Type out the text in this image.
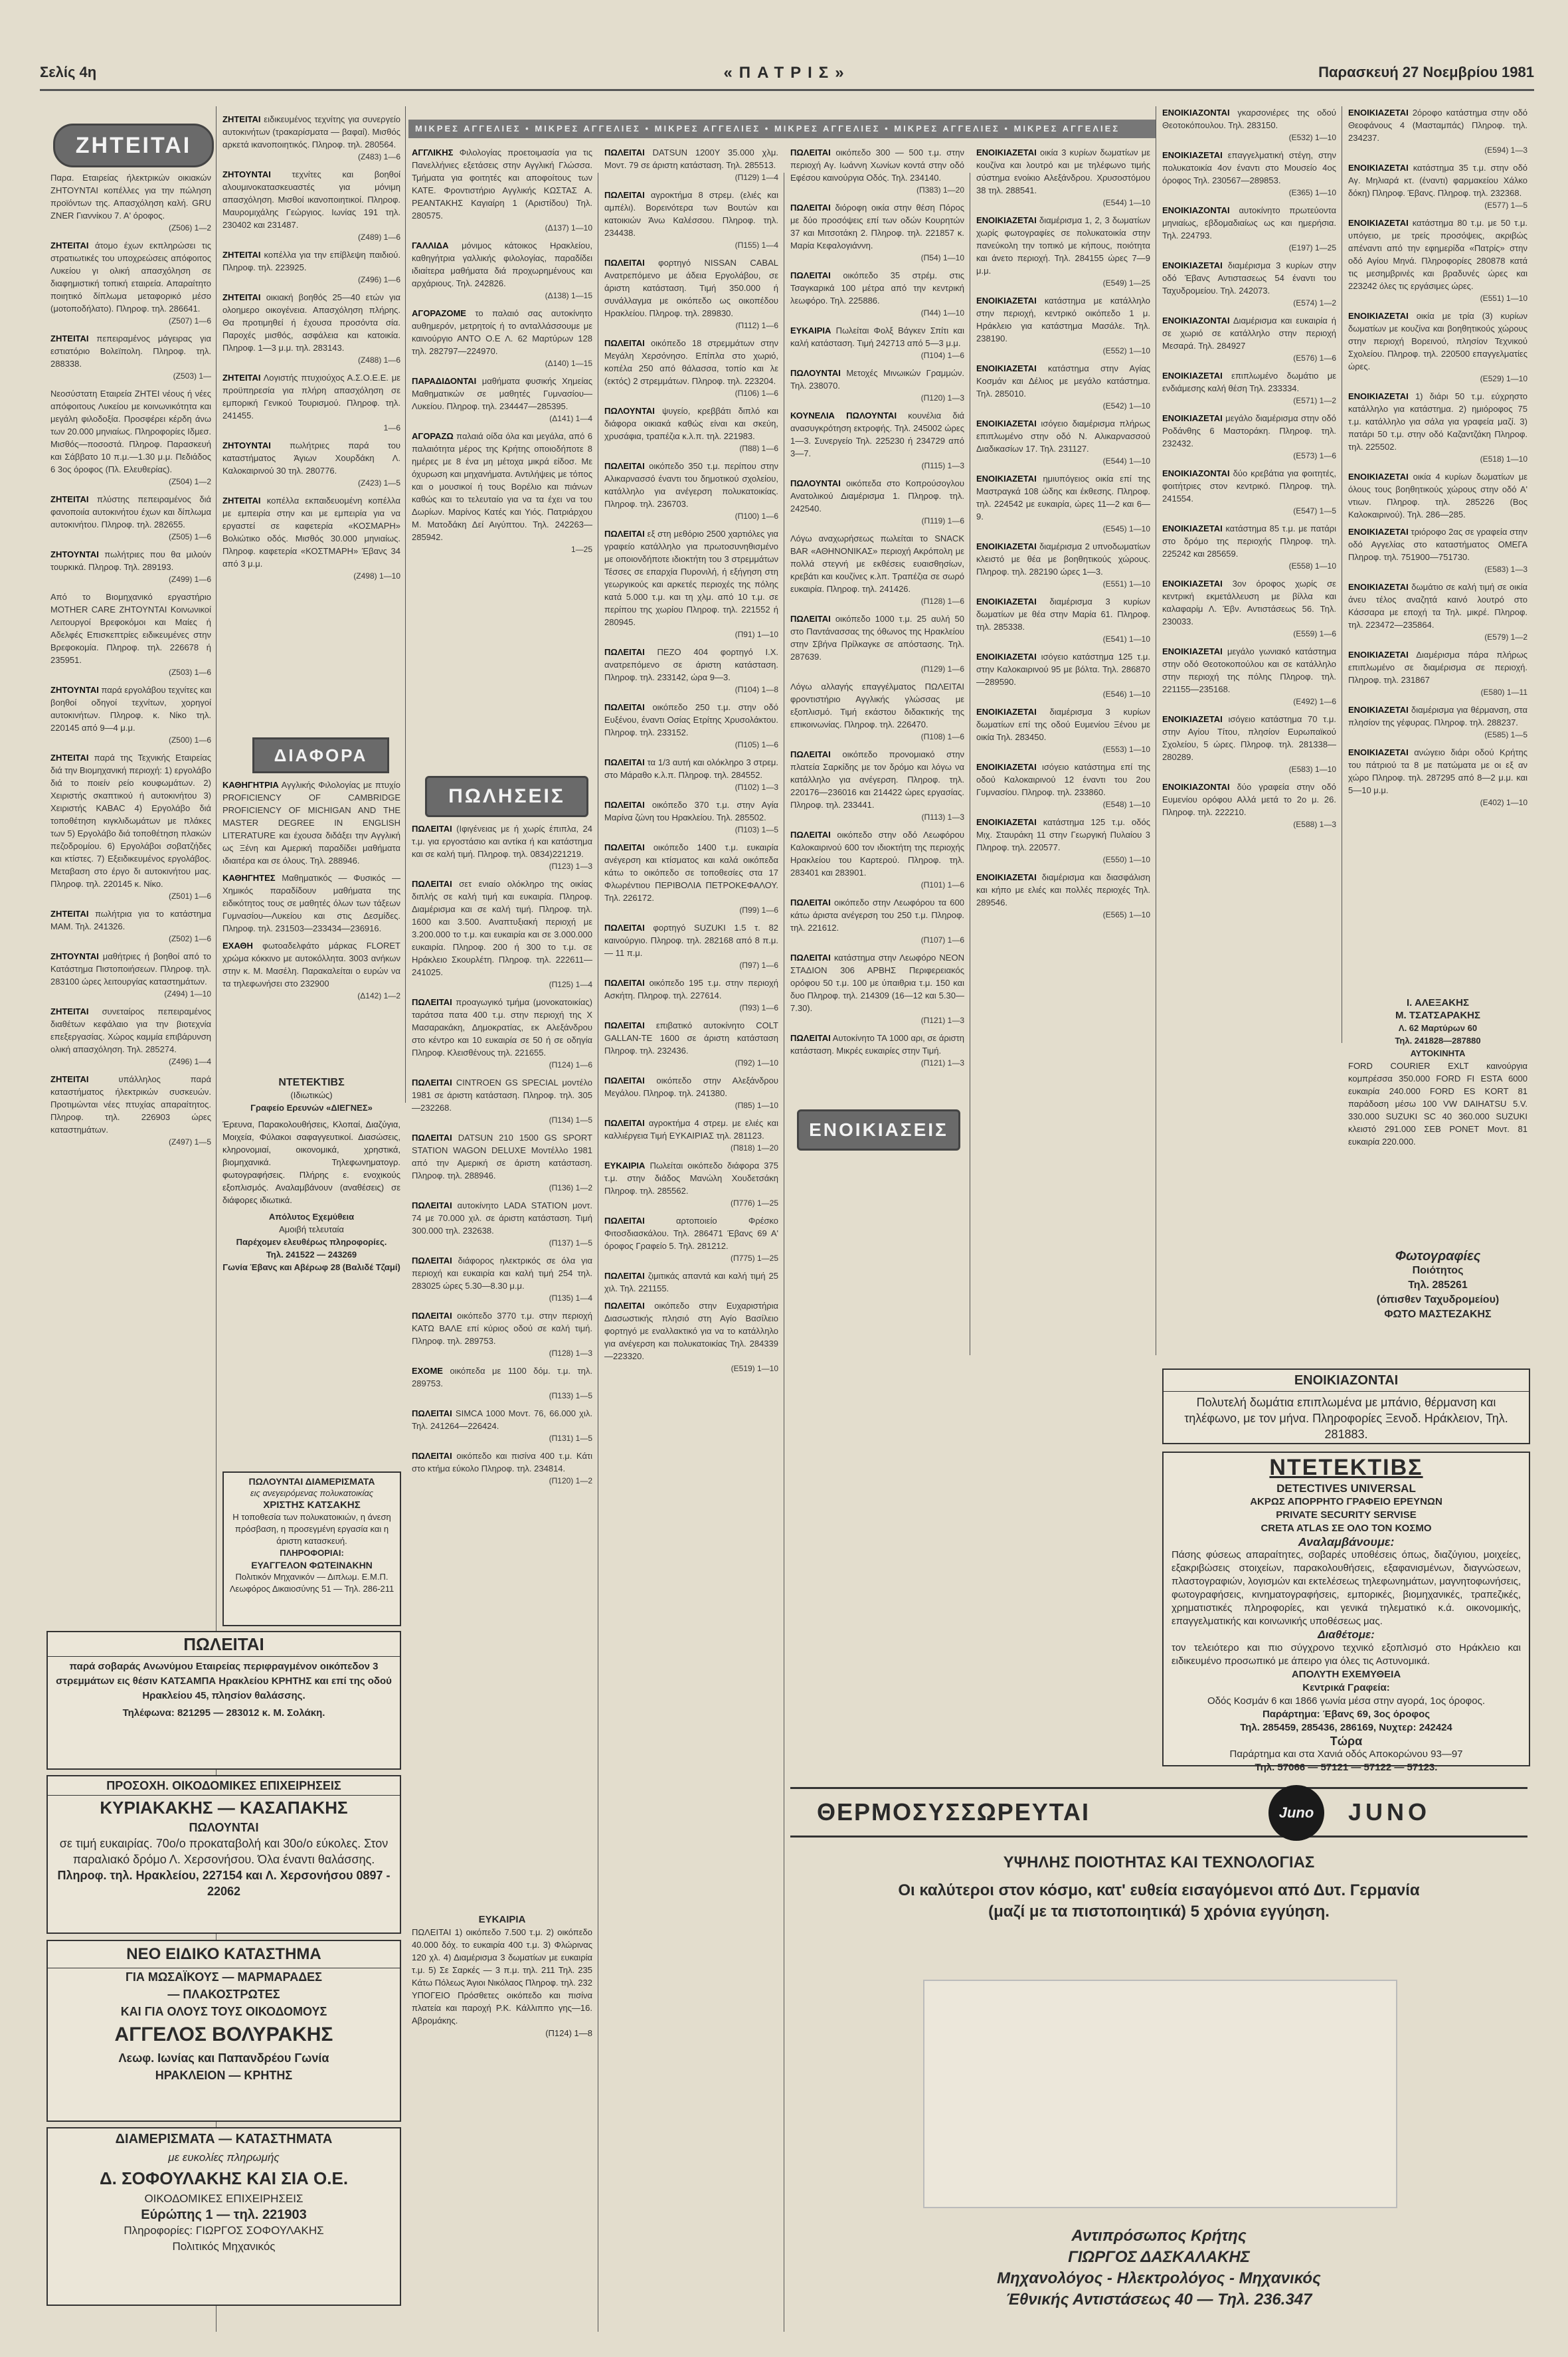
Σελίς 4η	«ΠΑΤΡΙΣ»	Παρασκευή 27 Νοεμβρίου 1981
ΜΙΚΡΕΣ ΑΓΓΕΛΙΕΣ • ΜΙΚΡΕΣ ΑΓΓΕΛΙΕΣ • ΜΙΚΡΕΣ ΑΓΓΕΛΙΕΣ • ΜΙΚΡΕΣ ΑΓΓΕΛΙΕΣ • ΜΙΚΡΕΣ ΑΓΓΕΛΙΕΣ • ΜΙΚΡΕΣ ΑΓΓΕΛΙΕΣ
ΖΗΤΕΙΤΑΙ
Παρα. Εταιρείας ήλεκτρικών οικιακών ΖΗΤΟΥΝΤΑΙ κοπέλλες για την πώληση προϊόντων της. Απασχόληση καλή. GRU ZNER Γιαννίκου 7. Α' όροφος.
(Ζ506) 1—2
ΖΗΤΕΙΤΑΙ άτομο έχων εκπληρώσει τις στρατιωτικές του υποχρεώσεις απόφοιτος Λυκείου γι ολική απασχόληση σε διαφημιστική τοπική εταιρεία. Απαραίτητο ποιητικό δίπλωμα μεταφορικό μέσο (μοτοποδήλατο). Πληροφ. τηλ. 286641.
(Ζ507) 1—6
ΖΗΤΕΙΤΑΙ πεπειραμένος μάγειρας για εστιατόριο Βολεϊπολη. Πληροφ. τηλ. 288338.
(Ζ503) 1—
Νεοσύστατη Εταιρεία ΖΗΤΕΙ νέους ή νέες απόφοιτους Λυκείου με κοινωνικότητα και μεγάλη φιλοδοξία. Προσφέρει κέρδη άνω των 20.000 μηνιαίως. Πληροφορίες Ιδμεσ. Μισθός—ποσοστά. Πληροφ. Παρασκευή και Σάββατο 10 π.μ.—1.30 μ.μ. Πεδιάδος 6 3ος όροφος (Πλ. Ελευθερίας).
(Ζ504) 1—2
ΖΗΤΕΙΤΑΙ πλύστης πεπειραμένος διά φανοποιία αυτοκινήτου έχων και δίπλωμα αυτοκινήτου. Πληροφ. τηλ. 282655.
(Ζ505) 1—6
ΖΗΤΟΥΝΤΑΙ πωλήτριες που θα μιλούν τουρκικά. Πληροφ. Τηλ. 289193.
(Ζ499) 1—6
Από το Βιομηχανικό εργαστήριο MOTHER CARE ΖΗΤΟΥΝΤΑΙ Κοινωνικοί Λειτουργοί Βρεφοκόμοι και Μαίες ή Αδελφές Επισκεπτρίες ειδικευμένες στην Βρεφοκομία. Πληροφ. τηλ. 226678 ή 235951.
(Ζ503) 1—6
ΖΗΤΟΥΝΤΑΙ παρά εργολάβου τεχνίτες και βοηθοί οδηγοί τεχνίτων, χορηγοί αυτοκινήτων. Πληροφ. κ. Νίκο τηλ. 220145 από 9—4 μ.μ.
(Ζ500) 1—6
ΖΗΤΕΙΤΑΙ παρά της Τεχνικής Εταιρείας διά την Βιομηχανική περιοχή: 1) εργολάβο διά το ποιείν ρείο κουφωμάτων. 2) Χειριστής σκαπτικού ή αυτοκινήτου 3) Χειριστής KABAC 4) Εργολάβο διά τοποθέτηση κιγκλιδωμάτων με πλάκες των 5) Εργολάβο διά τοποθέτηση πλακών πεζοδρομίου. 6) Εργολάβοι σοβατζήδες και κτίστες. 7) Εξειδικευμένος εργολάβος. Μεταβαση στο έργο δι αυτοκινήτου μας. Πληροφ. τηλ. 220145 κ. Νίκο.
(Ζ501) 1—6
ΖΗΤΕΙΤΑΙ πωλήτρια για το κατάστημα ΜΑΜ. Τηλ. 241326.
(Ζ502) 1—6
ΖΗΤΟΥΝΤΑΙ μαθήτριες ή βοηθοί από το Κατάστημα Πιστοποιήσεων. Πληροφ. τηλ. 283100 ώρες λειτουργίας καταστημάτων.
(Ζ494) 1—10
ΖΗΤΕΙΤΑΙ συνεταίρος πεπειραμένος διαθέτων κεφάλαιο για την βιοτεχνία επεξεργασίας. Χώρος καμμία επιβάρυνση ολική απασχόληση. Τηλ. 285274.
(Ζ496) 1—4
ΖΗΤΕΙΤΑΙ	υπάλληλος παρά καταστήματος ήλεκτρικών συσκευών. Προτιμώνται νέες πτυχίας απαραίτητος. Πληροφ. τηλ. 226903 ώρες καταστημάτων.
(Ζ497) 1—5
ΖΗΤΕΙΤΑΙ ειδικευμένος τεχνίτης για συνεργείο αυτοκινήτων (τρακαρίσματα — βαφαί). Μισθός αρκετά ικανοποιητικός. Πληροφ. τηλ. 280564.
(Ζ483) 1—6
ΖΗΤΟΥΝΤΑΙ τεχνίτες και βοηθοί αλουμινοκατασκευαστές για μόνιμη απασχόληση. Μισθοί ικανοποιητικοί. Πληροφ. Μαυρομιχάλης Γεώργιος. Ιωνίας 191 τηλ. 230402 και 231487.
(Ζ489) 1—6
ΖΗΤΕΙΤΑΙ κοπέλλα για την επίβλεψη παιδιού. Πληροφ. τηλ. 223925.
(Ζ496) 1—6
ΖΗΤΕΙΤΑΙ οικιακή βοηθός 25—40 ετών για ολοημερο οικογένεια. Απασχόληση πλήρης. Θα προτιμηθεί ή έχουσα προσόντα σία. Παροχές μισθός, ασφάλεια και κατοικία. Πληροφ. 1—3 μ.μ. τηλ. 283143.
(Ζ488) 1—6
ΖΗΤΕΙΤΑΙ Λογιστής πτυχιούχος Α.Σ.Ο.Ε.Ε. με προϋπηρεσία για πλήρη απασχόληση σε εμπορική Γενικού Τουρισμού. Πληροφ. τηλ. 241455.
1—6
ΖΗΤΟΥΝΤΑΙ πωλήτριες παρά του καταστήματος Άγιων Χουρδάκη Λ. Καλοκαιρινού 30 τηλ. 280776.
(Ζ423) 1—5
ΖΗΤΕΙΤΑΙ κοπέλλα εκπαιδευομένη κοπέλλα με εμπειρία στην και με εμπειρία για να εργαστεί σε καφετερία «ΚΟΣΜΑΡΗ» Βολιώτικο οδός. Μισθός 30.000 μηνιαίως. Πληροφ. καφετερία «ΚΟΣΤΜΑΡΗ» Έβανς 34 από 3 μ.μ.
(Ζ498) 1—10
ΔΙΑΦΟΡΑ
ΚΑΘΗΓΗΤΡΙΑ Αγγλικής Φιλολογίας με πτυχίο PROFICIENCY OF CAMBRIDGE PROFICIENCY OF MICHIGAN AND THE MASTER DEGREE IN ENGLISH LITERATURE και έχουσα διδάξει την Αγγλική ως Ξένη και Αμερική παραδίδει μαθήματα ιδιαιτέρα και σε όλους. Τηλ. 288946.
ΚΑΘΗΓΗΤΕΣ Μαθηματικός — Φυσικός — Χημικός παραδίδουν μαθήματα της ειδικότητος τους σε μαθητές όλων των τάξεων Γυμνασίου—Λυκείου και στις Δεσμίδες. Πληροφ. τηλ. 231503—233434—236916.
ΕΧΑΘΗ φωτοαδελφάτο μάρκας FLORET χρώμα κόκκινο με αυτοκόλλητα. 3003 ανήκων στην κ. Μ. Μασέλη. Παρακαλείται ο ευρών να τα τηλεφωνήσει στο 232900
(Δ142) 1—2
ΝΤΕΤΕΚΤΙΒΣ
(Ιδιωτικώς)
Γραφείο Ερευνών «ΔΙΕΓΝΕΣ»
Έρευνα, Παρακολουθήσεις, Κλοπαί, Διαζύγια, Μοιχεία, Φύλακοι σαφαγγευτικοί. Διασώσεις, κληρονομιαί, οικονομικά, χρηστικά, βιομηχανικά. Τηλεφωνηματογρ. φωτογραφήσεις. Πλήρης ε. ενοχικούς εξοπλισμός. Αναλαμβάνουν (αναθέσεις) σε διάφορες ιδιωτικά.
Απόλυτος Εχεμύθεια
Αμοιβή τελευταία
Παρέχομεν ελευθέρως πληροφορίες.
Τηλ. 241522 — 243269
Γωνία Έβανς και Αβέρωφ 28 (Βαλιδέ Τζαμί)
ΑΓΓΛΙΚΗΣ Φιλολογίας προετοιμασία για τις Πανελλήνιες εξετάσεις στην Αγγλική Γλώσσα. Τμήματα για φοιτητές και αποφοίτους των ΚΑΤΕ. Φροντιστήριο Αγγλικής ΚΩΣΤΑΣ Α. ΡΕΑΝΤΑΚΗΣ Καγιαίρη 1 (Αριστίδου) Τηλ. 280575.
(Δ137) 1—10
ΓΑΛΛΙΔΑ μόνιμος κάτοικος Ηρακλείου, καθηγήτρια γαλλικής φιλολογίας, παραδίδει ιδιαίτερα μαθήματα διά προχωρημένους και αρχάριους. Τηλ. 242826.
(Δ138) 1—15
ΑΓΟΡΑΖΟΜΕ το παλαιό σας αυτοκίνητο αυθημερόν, μετρητοίς ή το ανταλλάσσουμε με καινούργιο ΑΝΤΟ Ο.Ε Λ. 62 Μαρτύρων 128 τηλ. 282797—224970.
(Δ140) 1—15
ΠΑΡΑΔΙΔΟΝΤΑΙ μαθήματα φυσικής Χημείας Μαθηματικών σε μαθητές Γυμνασίου—Λυκείου. Πληροφ. τηλ. 234447—285395.
(Δ141) 1—4
ΑΓΟΡΑΖΩ παλαιά οίδα όλα και μεγάλα, από 6 παλαιότητα μέρος της Κρήτης οποιοδήποτε 8 ημέρες με 8 ένα μη μέτοχα μικρά είδοσ. Με όχυρωση και μηχανήματα. Αντιλήψεις με τόπος και ο μουσικοί ή τους Βορέλιο και πιάνων καθώς και το τελευταίο για να τα έχει να του Δωρίων. Μαρίνος Κατές και Υιός. Πατριάρχου Μ. Ματοδάκη Δεί Αιγύπτου. Τηλ. 242263—285942.
1—25
ΠΩΛΗΣΕΙΣ
ΠΩΛΕΙΤΑΙ (Ιφιγένειας με ή χωρίς έπιπλα, 24 τ.μ. για εργοστάσιο και αντίκα ή και κατάστημα και σε καλή τιμή. Πληροφ. τηλ. 0834)221219.
(Π123) 1—3
ΠΩΛΕΙΤΑΙ σετ ενιαίο ολόκληρο της οικίας διπλής σε καλή τιμή και ευκαιρία. Πληροφ. Διαμέρισμα και σε καλή τιμή. Πληροφ. τηλ. 1600 και 3.500. Αναπτυξιακή περιοχή με 3.200.000 το τ.μ. και ευκαιρία και σε 3.000.000 ευκαιρία. Πληροφ. 200 ή 300 το τ.μ. σε Ηράκλειο Σκουρλέτη. Πληροφ. τηλ. 222611—241025.
(Π125) 1—4
ΠΩΛΕΙΤΑΙ προαγωγικό τμήμα (μονοκατοικίας) ταράτσα πατα 400 τ.μ. στην περιοχή της Χ Μασαρακάκη, Δημοκρατίας, εκ Αλεξάνδρου στο κέντρο και 10 ευκαιρία σε 50 ή σε οδηγία Πληροφ. Κλεισθένους τηλ. 221655.
(Π124) 1—6
ΠΩΛΕΙΤΑΙ CINTROEN GS SPECIAL μοντέλο 1981 σε άριστη κατάσταση. Πληροφ. τηλ. 305—232268.
(Π134) 1—5
ΠΩΛΕΙΤΑΙ DATSUN 210 1500 GS SPORT STATION WAGON DELUXE Μοντέλλο 1981 από την Αμερική σε άριστη κατάσταση. Πληροφ. τηλ. 288946.
(Π136) 1—2
ΠΩΛΕΙΤΑΙ αυτοκίνητο LADA STATION μοντ. 74 με 70.000 χιλ. σε άριστη κατάσταση. Τιμή 300.000 τηλ. 232638.
(Π137) 1—5
ΠΩΛΕΙΤΑΙ διάφορος ηλεκτρικός σε όλα για περιοχή και ευκαιρία και καλή τιμή 254 τηλ. 283025 ώρες 5.30—8.30 μ.μ.
(Π135) 1—4
ΠΩΛΕΙΤΑΙ οικόπεδο 3770 τ.μ. στην περιοχή ΚΑΤΩ ΒΑΛΕ επί κύριος οδού σε καλή τιμή. Πληροφ. τηλ. 289753.
(Π128) 1—3
ΕΧΟΜΕ οικόπεδα με 1100 δόμ. τ.μ. τηλ. 289753.
(Π133) 1—5
ΠΩΛΕΙΤΑΙ SIMCA 1000 Μοντ. 76, 66.000 χιλ. Τηλ. 241264—226424.
(Π131) 1—5
ΠΩΛΕΙΤΑΙ οικόπεδο και πισίνα 400 τ.μ. Κάτι στο κτήμα εύκολο Πληροφ. τηλ. 234814.
(Π120) 1—2
ΕΥΚΑΙΡΙΑ
ΠΩΛΕΙΤΑΙ 1) οικόπεδο 7.500 τ.μ. 2) οικόπεδο 40.000 δόχ. το ευκαιρία 400 τ.μ. 3) Φλώρινας 120 χλ. 4) Διαμέρισμα 3 δωματίων με ευκαιρία τ.μ. 5) Σε Σαρκές — 3 π.μ. τηλ. 211 Τηλ. 235 Κάτω Πόλεως Άγιοι Νικόλαος Πληροφ. τηλ. 232 ΥΠΟΓΕΙΟ Πρόσθετες οικόπεδο και πισίνα πλατεία και παροχή Ρ.Κ. Κάλλιππο γης—16. Αβρομάκης.
(Π124) 1—8
ΠΩΛΕΙΤΑΙ DATSUN 1200Y 35.000 χλμ. Μοντ. 79 σε άριστη κατάσταση. Τηλ. 285513.
(Π129) 1—4
ΠΩΛΕΙΤΑΙ αγροκτήμα 8 στρεμ. (ελιές και αμπέλι). Βορεινότερα των Βουτών και κατοικιών Άνω Καλέσσου. Πληροφ. τηλ. 234438.
(Π155) 1—4
ΠΩΛΕΙΤΑΙ φορτηγό NISSAN CABAL Ανατρεπόμενο με άδεια Εργολάβου, σε άριστη κατάσταση. Τιμή 350.000 ή συνάλλαγμα με οικόπεδο ως οικοπέδου Ηρακλείου. Πληροφ. τηλ. 289830.
(Π112) 1—6
ΠΩΛΕΙΤΑΙ οικόπεδο 18 στρεμμάτων στην Μεγάλη Χερσόνησο. Επίπλα στο χωριό, κοπέλα 250 από θάλασσα, τοπίο και λε (εκτός) 2 στρεμμάτων. Πληροφ. τηλ. 223204.
(Π106) 1—6
ΠΩΛΟΥΝΤΑΙ ψυγείο, κρεββάτι διπλό και διάφορα οικιακά καθώς είναι και σκεύη, χρυσάφια, τραπέζια κ.λ.π. τηλ. 221983.
(Π88) 1—6
ΠΩΛΕΙΤΑΙ οικόπεδο 350 τ.μ. περίπου στην Αλικαρνασσό έναντι του δημοτικού σχολείου, κατάλληλο για ανέγερση πολυκατοικίας. Πληροφ. τηλ. 236703.
(Π100) 1—6
ΠΩΛΕΙΤΑΙ εξ στη μεθόριο 2500 χαρτιόλες για γραφείο κατάλληλο για πρωτοσυνηθισμένο με οποιονδήποτε ιδιοκτήτη του 3 στρεμμάτων Τέσσες σε επαρχία Πυρονιλή, ή εξήγηση στη γεωργικούς και αρκετές περιοχές της πόλης κατά 5.000 τ.μ. και τη χλμ. από 10 τ.μ. σε περίπου της χωρίου Πληροφ. τηλ. 221552 ή 280945.
(Π91) 1—10
ΠΩΛΕΙΤΑΙ ΠΕΖΟ 404 φορτηγό Ι.Χ. ανατρεπόμενο σε άριστη κατάσταση. Πληροφ. τηλ. 233142, ώρα 9—3.
(Π104) 1—8
ΠΩΛΕΙΤΑΙ οικόπεδο 250 τ.μ. στην οδό Ευξένου, έναντι Οσίας Ετρίτης Χρυσολάκτου. Πληροφ. τηλ. 233152.
(Π105) 1—6
ΠΩΛΕΙΤΑΙ τα 1/3 αυτή και ολόκληρο 3 στρεμ. στο Μάραθο κ.λ.π. Πληροφ. τηλ. 284552.
(Π102) 1—3
ΠΩΛΕΙΤΑΙ οικόπεδο 370 τ.μ. στην Αγία Μαρίνα ζώνη του Ηρακλείου. Τηλ. 285502.
(Π103) 1—5
ΠΩΛΕΙΤΑΙ οικόπεδο 1400 τ.μ. ευκαιρία ανέγερση και κτίσματος και καλά οικόπεδα κάτω το οικόπεδο σε τοποθεσίες στα 17 Φλωρέντιου ΠΕΡΙΒΟΛΙΑ ΠΕΤΡΟΚΕΦΑΛΟΥ. Τηλ. 226172.
(Π99) 1—6
ΠΩΛΕΙΤΑΙ φορτηγό SUZUKI 1.5 τ. 82 καινούργιο. Πληροφ. τηλ. 282168 από 8 π.μ. — 11 π.μ.
(Π97) 1—6
ΠΩΛΕΙΤΑΙ οικόπεδο 195 τ.μ. στην περιοχή Ασκήτη. Πληροφ. τηλ. 227614.
(Π93) 1—6
ΠΩΛΕΙΤΑΙ επιβατικό αυτοκίνητο COLT GALLAN-TE 1600 σε άριστη κατάσταση Πληροφ. τηλ. 232436.
(Π92) 1—10
ΠΩΛΕΙΤΑΙ οικόπεδο στην Αλεξάνδρου Μεγάλου. Πληροφ. τηλ. 241380.
(Π85) 1—10
ΠΩΛΕΙΤΑΙ αγροκτήμα 4 στρεμ. με ελιές και καλλιέργεια Τιμή ΕΥΚΑΙΡΙΑΣ τηλ. 281123.
(Π818) 1—20
ΕΥΚΑΙΡΙΑ Πωλείται οικόπεδο διάφορα 375 τ.μ. στην διάδος Μανώλη Χουδετσάκη Πληροφ. τηλ. 285562.
(Π776) 1—25
ΠΩΛΕΙΤΑΙ	αρτοποιείο Φρέσκο Φιτοσδιασκάλου. Τηλ. 286471 Έβανς 69 Α' όροφος Γραφείο 5. Τηλ. 281212.
(Π775) 1—25
ΠΩΛΕΙΤΑΙ ζιμιτικάς απαντά και καλή τιμή 25 χιλ. Τηλ. 221155.
ΠΩΛΕΙΤΑΙ οικόπεδο στην Ευχαριστήρια Διασωστικής πλησιό στη Αγίο Βασίλειο φορτηγό με εναλλακτικό για να το κατάλληλο για ανέγερση και πολυκατοικίας Τηλ. 284339—223320.
(Ε519) 1—10
ΠΩΛΕΙΤΑΙ οικόπεδο 300 — 500 τ.μ. στην περιοχή Αγ. Ιωάννη Χωνίων κοντά στην οδό Εφέσου καινούργια Οδός. Τηλ. 234140.
(Π383) 1—20
ΠΩΛΕΙΤΑΙ διόροφη οικία στην θέση Πόρος με δύο προσόψεις επί των οδών Κουρητών 37 και Μιτσοτάκη 2. Πληροφ. τηλ. 221857 κ. Μαρία Κεφαλογιάννη.
(Π54) 1—10
ΠΩΛΕΙΤΑΙ οικόπεδο 35 στρέμ. στις Τσαγκαρικά 100 μέτρα από την κεντρική λεωφόρο. Τηλ. 225886.
(Π44) 1—10
ΕΥΚΑΙΡΙΑ Πωλείται Φολξ Βάγκεν Σπίτι και καλή κατάσταση. Τιμή 242713 από 5—3 μ.μ.
(Π104) 1—6
ΠΩΛΟΥΝΤΑΙ Μετοχές Μινωικών Γραμμών. Τηλ. 238070.
(Π120) 1—3
ΚΟΥΝΕΛΙΑ ΠΩΛΟΥΝΤΑΙ κουνέλια διά ανασυγκρότηση εκτροφής. Τηλ. 245002 ώρες 1—3. Συνεργείο Τηλ. 225230 ή 234729 από 3—7.
(Π115) 1—3
ΠΩΛΟΥΝΤΑΙ οικόπεδα στο Κοπρούσογλου Ανατολικού Διαμέρισμα 1. Πληροφ. τηλ. 242540.
(Π119) 1—6
Λόγω αναχωρήσεως πωλείται το SNACK BAR «ΑΘΗΝΟΝΙΚΑΣ» περιοχή Ακρόπολη με πολλά στεγνή με εκθέσεις ευαισθησίων, κρεβάτι και κουζίνες κ.λπ. Τραπέζια σε σωρό ευκαιρία. Πληροφ. τηλ. 241426.
(Π128) 1—6
ΠΩΛΕΙΤΑΙ οικόπεδο 1000 τ.μ. 25 αυλή 50 στο Παντάνασσας της όθωνος της Ηρακλείου στην Σβήνα Πρίλκαγκε σε απόστασης. Τηλ. 287639.
(Π129) 1—6
Λόγω αλλαγής επαγγέλματος ΠΩΛΕΙΤΑΙ φροντιστήριο Αγγλικής γλώσσας με εξοπλισμό. Τιμή εκάστου διδακτικής της επικοινωνίας. Πληροφ. τηλ. 226470.
(Π108) 1—6
ΠΩΛΕΙΤΑΙ οικόπεδο προνομιακό στην πλατεία Σαρκίδης με τον δρόμο και λόγω να κατάλληλο για ανέγερση. Πληροφ. τηλ. 220176—236016 και 214422 ώρες εργασίας. Πληροφ. τηλ. 233441.
(Π113) 1—3
ΠΩΛΕΙΤΑΙ οικόπεδο στην οδό Λεωφόρου Καλοκαιρινού 600 τον ιδιοκτήτη της περιοχής Ηρακλείου του Καρτερού. Πληροφ. τηλ. 283401 και 283901.
(Π101) 1—6
ΠΩΛΕΙΤΑΙ οικόπεδο στην Λεωφόρου τα 600 κάτω άριστα ανέγερση του 250 τ.μ. Πληροφ. τηλ. 221612.
(Π107) 1—6
ΠΩΛΕΙΤΑΙ κατάστημα στην Λεωφόρο ΝΕΟΝ ΣΤΑΔΙΟΝ 306 ΑΡΒΗΣ Περιφερειακός ορόφου 50 τ.μ. 100 με ύπαιθρια τ.μ. 150 και δυο Πληροφ. τηλ. 214309 (16—12 και 5.30—7.30).
(Π121) 1—3
ΠΩΛΕΙΤΑΙ Αυτοκίνητο ΤΑ 1000 αρι, σε άριστη κατάσταση. Μικρές ευκαιρίες στην Τιμή.
(Π121) 1—3
ΕΝΟΙΚΙΑΖΕΤΑΙ οικία 3 κυρίων δωματίων με κουζίνα και λουτρό και με τηλέφωνο τιμής σύστημα ενοίκιο Αλεξάνδρου. Χρυσοστόμου 38 τηλ. 288541.
(Ε544) 1—10
ΕΝΟΙΚΙΑΖΕΤΑΙ διαμέρισμα 1, 2, 3 δωματίων χωρίς φωτογραφίες σε πολυκατοικία στην πανεύκολη την τοπικό με κήπους, ποιότητα και άνετο περιοχή. Τηλ. 284155 ώρες 7—9 μ.μ.
(Ε549) 1—25
ΕΝΟΙΚΙΑΖΕΤΑΙ κατάστημα με κατάλληλο στην περιοχή, κεντρικό οικόπεδο 1 μ. Ηράκλειο για κατάστημα Μασάλε. Τηλ. 238190.
(Ε552) 1—10
ΕΝΟΙΚΙΑΖΕΤΑΙ κατάστημα στην Αγίας Κοσμάν και Δέλιος με μεγάλο κατάστημα. Τηλ. 285010.
(Ε542) 1—10
ΕΝΟΙΚΙΑΖΕΤΑΙ ισόγειο διαμέρισμα πλήρως επιπλωμένο στην οδό Ν. Αλικαρνασσού Διαδικασίων 17. Τηλ. 231127.
(Ε544) 1—10
ΕΝΟΙΚΙΑΖΕΤΑΙ ημιυπόγειος οικία επί της Μαστραγκά 108 ώδης και έκθεσης. Πληροφ. τηλ. 224542 με ευκαιρία, ώρες 11—2 και 6—9.
(Ε545) 1—10
ΕΝΟΙΚΙΑΖΕΤΑΙ διαμέρισμα 2 υπνοδωματίων κλειστό με θέα με βοηθητικούς χώρους. Πληροφ. τηλ. 282190 ώρες 1—3.
(Ε551) 1—10
ΕΝΟΙΚΙΑΖΕΤΑΙ διαμέρισμα 3 κυρίων δωματίων με θέα στην Μαρία 61. Πληροφ. τηλ. 285338.
(Ε541) 1—10
ΕΝΟΙΚΙΑΖΕΤΑΙ ισόγειο κατάστημα 125 τ.μ. στην Καλοκαιρινού 95 με βόλτα. Τηλ. 286870—289590.
(Ε546) 1—10
ΕΝΟΙΚΙΑΖΕΤΑΙ διαμέρισμα 3 κυρίων δωματίων επί της οδού Ευμενίου Ξένου με οικία Τηλ. 283450.
(Ε553) 1—10
ΕΝΟΙΚΙΑΖΕΤΑΙ ισόγειο κατάστημα επί της οδού Καλοκαιρινού 12 έναντι του 2ου Γυμνασίου. Πληροφ. τηλ. 233860.
(Ε548) 1—10
ΕΝΟΙΚΙΑΖΕΤΑΙ κατάστημα 125 τ.μ. οδός Μιχ. Σταυράκη 11 στην Γεωργική Πυλαίου 3 Πληροφ. τηλ. 220577.
(Ε550) 1—10
ΕΝΟΙΚΙΑΖΕΤΑΙ διαμέρισμα και διασφάλιση και κήπο με ελιές και πολλές περιοχές Τηλ. 289546.
(Ε565) 1—10
ΕΝΟΙΚΙΑΖΟΝΤΑΙ γκαρσονιέρες της οδού Θεοτοκόπουλου. Τηλ. 283150.
(Ε532) 1—10
ΕΝΟΙΚΙΑΖΕΤΑΙ επαγγελματική στέγη, στην πολυκατοικία 4ον έναντι στο Μουσείο 4ος όροφος Τηλ. 230567—289853.
(Ε365) 1—10
ΕΝΟΙΚΙΑΖΟΝΤΑΙ αυτοκίνητο πρωτεύοντα μηνιαίως, εβδομαδιαίως ως και ημερήσια. Τηλ. 224793.
(Ε197) 1—25
ΕΝΟΙΚΙΑΖΕΤΑΙ διαμέρισμα 3 κυρίων στην οδό Έβανς Αντιστασεως 54 έναντι του Ταχυδρομείου. Τηλ. 242073.
(Ε574) 1—2
ΕΝΟΙΚΙΑΖΟΝΤΑΙ Διαμέρισμα και ευκαιρία ή σε χωριό σε κατάλληλο στην περιοχή Μεσαρά. Τηλ. 284927
(Ε576) 1—6
ΕΝΟΙΚΙΑΖΕΤΑΙ επιπλωμένο δωμάτιο με ενδιάμεσης καλή θέση Τηλ. 233334.
(Ε571) 1—2
ΕΝΟΙΚΙΑΖΕΤΑΙ μεγάλο διαμέρισμα στην οδό Ροδάνθης 6 Μαστοράκη. Πληροφ. τηλ. 232432.
(Ε573) 1—6
ΕΝΟΙΚΙΑΖΟΝΤΑΙ δύο κρεβάτια για φοιτητές, φοιτήτριες στον κεντρικό. Πληροφ. τηλ. 241554.
(Ε547) 1—5
ΕΝΟΙΚΙΑΖΕΤΑΙ κατάστημα 85 τ.μ. με πατάρι στο δρόμο της περιοχής Πληροφ. τηλ. 225242 και 285659.
(Ε558) 1—10
ΕΝΟΙΚΙΑΖΕΤΑΙ 3ον όροφος χωρίς σε κεντρική εκμετάλλευση με βίλλα και καλαφαρίμ Λ. Έβν. Αντιστάσεως 56. Τηλ. 230033.
(Ε559) 1—6
ΕΝΟΙΚΙΑΖΕΤΑΙ μεγάλο γωνιακό κατάστημα στην οδό Θεοτοκοπούλου και σε κατάλληλο στην περιοχή της πόλης Πληροφ. τηλ. 221155—235168.
(Ε492) 1—6
ΕΝΟΙΚΙΑΖΕΤΑΙ ισόγειο κατάστημα 70 τ.μ. στην Αγίου Τίτου, πλησίον Ευρωπαϊκού Σχολείου, 5 ώρες. Πληροφ. τηλ. 281338—280289.
(Ε583) 1—10
ΕΝΟΙΚΙΑΖΟΝΤΑΙ δύο γραφεία στην οδό Ευμενίου ορόφου Αλλά μετά το 2ο μ. 26. Πληροφ. τηλ. 222210.
(Ε588) 1—3
ΕΝΟΙΚΙΑΖΕΤΑΙ 2όροφο κατάστημα στην οδό Θεοφάνους 4 (Μασταμπάς) Πληροφ. τηλ. 234237.
(Ε594) 1—3
ΕΝΟΙΚΙΑΖΕΤΑΙ κατάστημα 35 τ.μ. στην οδό Αγ. Μηλιαρά κτ. (έναντι) φαρμακείου Χάλκο δόκη) Πληροφ. Έβανς. Πληροφ. τηλ. 232368.
(Ε577) 1—5
ΕΝΟΙΚΙΑΖΕΤΑΙ κατάστημα 80 τ.μ. με 50 τ.μ. υπόγειο, με τρείς προσόψεις, ακριβώς απέναντι από την εφημερίδα «Πατρίς» στην οδό Αγίου Μηνά. Πληροφορίες 280878 κατά τις μεσημβρινές και βραδυνές ώρες και 223242 όλες τις εργάσιμες ώρες.
(Ε551) 1—10
ΕΝΟΙΚΙΑΖΕΤΑΙ οικία με τρία (3) κυρίων δωματίων με κουζίνα και βοηθητικούς χώρους στην περιοχή Βορεινού, πλησίον Τεχνικού Σχολείου. Πληροφ. τηλ. 220500 επαγγελματίες ώρες.
(Ε529) 1—10
ΕΝΟΙΚΙΑΖΕΤΑΙ 1) διάρι 50 τ.μ. εύχρηστο κατάλληλο για κατάστημα. 2) ημιόροφος 75 τ.μ. κατάλληλο για σάλα για γραφεία μαζί. 3) πατάρι 50 τ.μ. στην οδό Καζαντζάκη Πληροφ. τηλ. 225502.
(Ε518) 1—10
ΕΝΟΙΚΙΑΖΕΤΑΙ οικία 4 κυρίων δωματίων με όλους τους βοηθητικούς χώρους στην οδό Α' ντιων. Πληροφ. τηλ. 285226 (Βος Καλοκαιρινού). Τηλ. 286—285.
ΕΝΟΙΚΙΑΖΕΤΑΙ τριόροφο 2ας σε γραφεία στην οδό Αγγελίας στο καταστήματος ΟΜΕΓΑ Πληροφ. τηλ. 751900—751730.
(Ε583) 1—3
ΕΝΟΙΚΙΑΖΕΤΑΙ δωμάτιο σε καλή τιμή σε οικία άνευ τέλος αναζητά καινό λουτρό στο Κάσσαρα με εποχή τα Τηλ. μικρέ. Πληροφ. τηλ. 223472—235864.
(Ε579) 1—2
ΕΝΟΙΚΙΑΖΕΤΑΙ Διαμέρισμα πάρα πλήρως επιπλωμένο σε διαμέρισμα σε περιοχή. Πληροφ. τηλ. 231867
(Ε580) 1—11
ΕΝΟΙΚΙΑΖΕΤΑΙ διαμέρισμα για θέρμανση, στα πλησίον της γέφυρας. Πληροφ. τηλ. 288237.
(Ε585) 1—5
ΕΝΟΙΚΙΑΖΕΤΑΙ ανώγειο διάρι οδού Κρήτης του πάτριού τα 8 με πατώματα με οι εξ αν χώρο Πληροφ. τηλ. 287295 από 8—2 μ.μ. και 5—10 μ.μ.
(Ε402) 1—10
Ι. ΑΛΕΞΑΚΗΣ
Μ. ΤΣΑΤΣΑΡΑΚΗΣ
Λ. 62 Μαρτύρων 60
Τηλ. 241828—287880
ΑΥΤΟΚΙΝΗΤΑ
FORD COURIER EXLT καινούργια κομπρέσσα 350.000 FORD FI ESTA 6000 ευκαιρία 240.000 FORD ES KORT 81 παράδοση μέσω 100 VW DAIHATSU 5.V. 330.000 SUZUKI SC 40 360.000 SUZUKI κλειστό 291.000 ΣΕΒ PONET Μοντ. 81 ευκαιρία 220.000.
Φωτογραφίες
Ποιότητος
Τηλ. 285261
(όπισθεν Ταχυδρομείου)
ΦΩΤΟ ΜΑΣΤΕΖΑΚΗΣ
ΕΝΟΙΚΙΑΣΕΙΣ
ΕΝΟΙΚΙΑΖΟΝΤΑΙ
Πολυτελή δωμάτια επιπλωμένα με μπάνιο, θέρμανση και τηλέφωνο, με τον μήνα. Πληροφορίες Ξενοδ. Ηράκλειον, Τηλ. 281883.
ΝΤΕΤΕΚΤΙΒΣ
DETECTIVES UNIVERSAL
ΑΚΡΩΣ ΑΠΟΡΡΗΤΟ ΓΡΑΦΕΙΟ ΕΡΕΥΝΩΝ
PRIVATE SECURITY SERVISE
CRETA ATLAS ΣΕ ΟΛΟ ΤΟΝ ΚΟΣΜΟ
Αναλαμβάνουμε:
Πάσης φύσεως απαραίτητες, σοβαρές υποθέσεις όπως, διαζύγιου, μοιχείες, εξακριβώσεις στοιχείων, παρακολουθήσεις, εξαφανισμένων, διαγνώσεων, πλαστογραφιών, λογισμών και εκτελέσεως τηλεφωνημάτων, μαγνητοφωνήσεις, φωτογραφήσεις, κινηματογραφήσεις, εμπορικές, βιομηχανικές, τραπεζικές, χρηματιστικές πληροφορίες, και γενικά τηλεματικό κ.ά. οικονομικής, επαγγελματικής και κοινωνικής υποθέσεως μας.
Διαθέτομε:
τον τελειότερο και πιο σύγχρονο τεχνικό εξοπλισμό στο Ηράκλειο και ειδικευμένο προσωπικό με άπειρο για όλες τις Αστυνομικά.
ΑΠΟΛΥΤΗ ΕΧΕΜΥΘΕΙΑ
Κεντρικά Γραφεία:
Οδός Κοσμάν 6 και 1866 γωνία μέσα στην αγορά, 1ος όροφος.
Παράρτημα: Έβανς 69, 3ος όροφος
Τηλ. 285459, 285436, 286169, Νυχτερ: 242424
Τώρα
Παράρτημα και στα Χανιά οδός Αποκορώνου 93—97
Τηλ. 57066 — 57121 — 57122 — 57123.
ΘΕΡΜΟΣΥΣΣΩΡΕΥΤΑΙ	Juno	JUNO
ΥΨΗΛΗΣ ΠΟΙΟΤΗΤΑΣ ΚΑΙ ΤΕΧΝΟΛΟΓΙΑΣ
Οι καλύτεροι στον κόσμο, κατ' ευθεία εισαγόμενοι από Δυτ. Γερμανία (μαζί με τα πιστοποιητικά) 5 χρόνια εγγύηση.
Αντιπρόσωπος Κρήτης
ΓΙΩΡΓΟΣ ΔΑΣΚΑΛΑΚΗΣ
Μηχανολόγος - Ηλεκτρολόγος - Μηχανικός
Έθνικής Αντιστάσεως 40 — Τηλ. 236.347
ΠΩΛΕΙΤΑΙ
παρά σοβαράς Ανωνύμου Εταιρείας περιφραγμένον οικόπεδον 3 στρεμμάτων εις θέσιν ΚΑΤΣΑΜΠΑ Ηρακλείου ΚΡΗΤΗΣ και επί της οδού Ηρακλείου 45, πλησίον θαλάσσης.
Τηλέφωνα: 821295 — 283012 κ. Μ. Σολάκη.
ΠΡΟΣΟΧΗ. ΟΙΚΟΔΟΜΙΚΕΣ ΕΠΙΧΕΙΡΗΣΕΙΣ
ΚΥΡΙΑΚΑΚΗΣ — ΚΑΣΑΠΑΚΗΣ
ΠΩΛΟΥΝΤΑΙ
σε τιμή ευκαιρίας. 70ο/ο προκαταβολή και 30ο/ο εύκολες. Στον παραλιακό δρόμο Λ. Χερσονήσου. Όλα έναντι θαλάσσης.
Πληροφ. τηλ. Ηρακλείου, 227154 και Λ. Χερσονήσου 0897 - 22062
ΝΕΟ ΕΙΔΙΚΟ ΚΑΤΑΣΤΗΜΑ
ΓΙΑ ΜΩΣΑΪΚΟΥΣ — ΜΑΡΜΑΡΑΔΕΣ
— ΠΛΑΚΟΣΤΡΩΤΕΣ
ΚΑΙ ΓΙΑ ΟΛΟΥΣ ΤΟΥΣ ΟΙΚΟΔΟΜΟΥΣ
ΑΓΓΕΛΟΣ ΒΟΛΥΡΑΚΗΣ
Λεωφ. Ιωνίας και Παπανδρέου Γωνία
ΗΡΑΚΛΕΙΟΝ — ΚΡΗΤΗΣ
ΔΙΑΜΕΡΙΣΜΑΤΑ — ΚΑΤΑΣΤΗΜΑΤΑ
με ευκολίες πληρωμής
Δ. ΣΟΦΟΥΛΑΚΗΣ ΚΑΙ ΣΙΑ Ο.Ε.
ΟΙΚΟΔΟΜΙΚΕΣ ΕΠΙΧΕΙΡΗΣΕΙΣ
Εύρώπης 1 — τηλ. 221903
Πληροφορίες: ΓΙΩΡΓΟΣ ΣΟΦΟΥΛΑΚΗΣ
Πολιτικός Μηχανικός
ΠΩΛΟΥΝΤΑΙ ΔΙΑΜΕΡΙΣΜΑΤΑ
εις ανεγειρόμενας πολυκατοικίας
ΧΡΙΣΤΗΣ ΚΑΤΣΑΚΗΣ
Η τοποθεσία των πολυκατοικιών, η άνεση πρόσβαση, η προσεγμένη εργασία και η άριστη κατασκευή.
ΠΛΗΡΟΦΟΡΙΑΙ:
ΕΥΑΓΓΕΛΟΝ ΦΩΤΕΙΝΑΚΗΝ
Πολιτικόν Μηχανικόν — Διπλωμ. Ε.Μ.Π.
Λεωφόρος Δικαιοσύνης 51 — Τηλ. 286-211
